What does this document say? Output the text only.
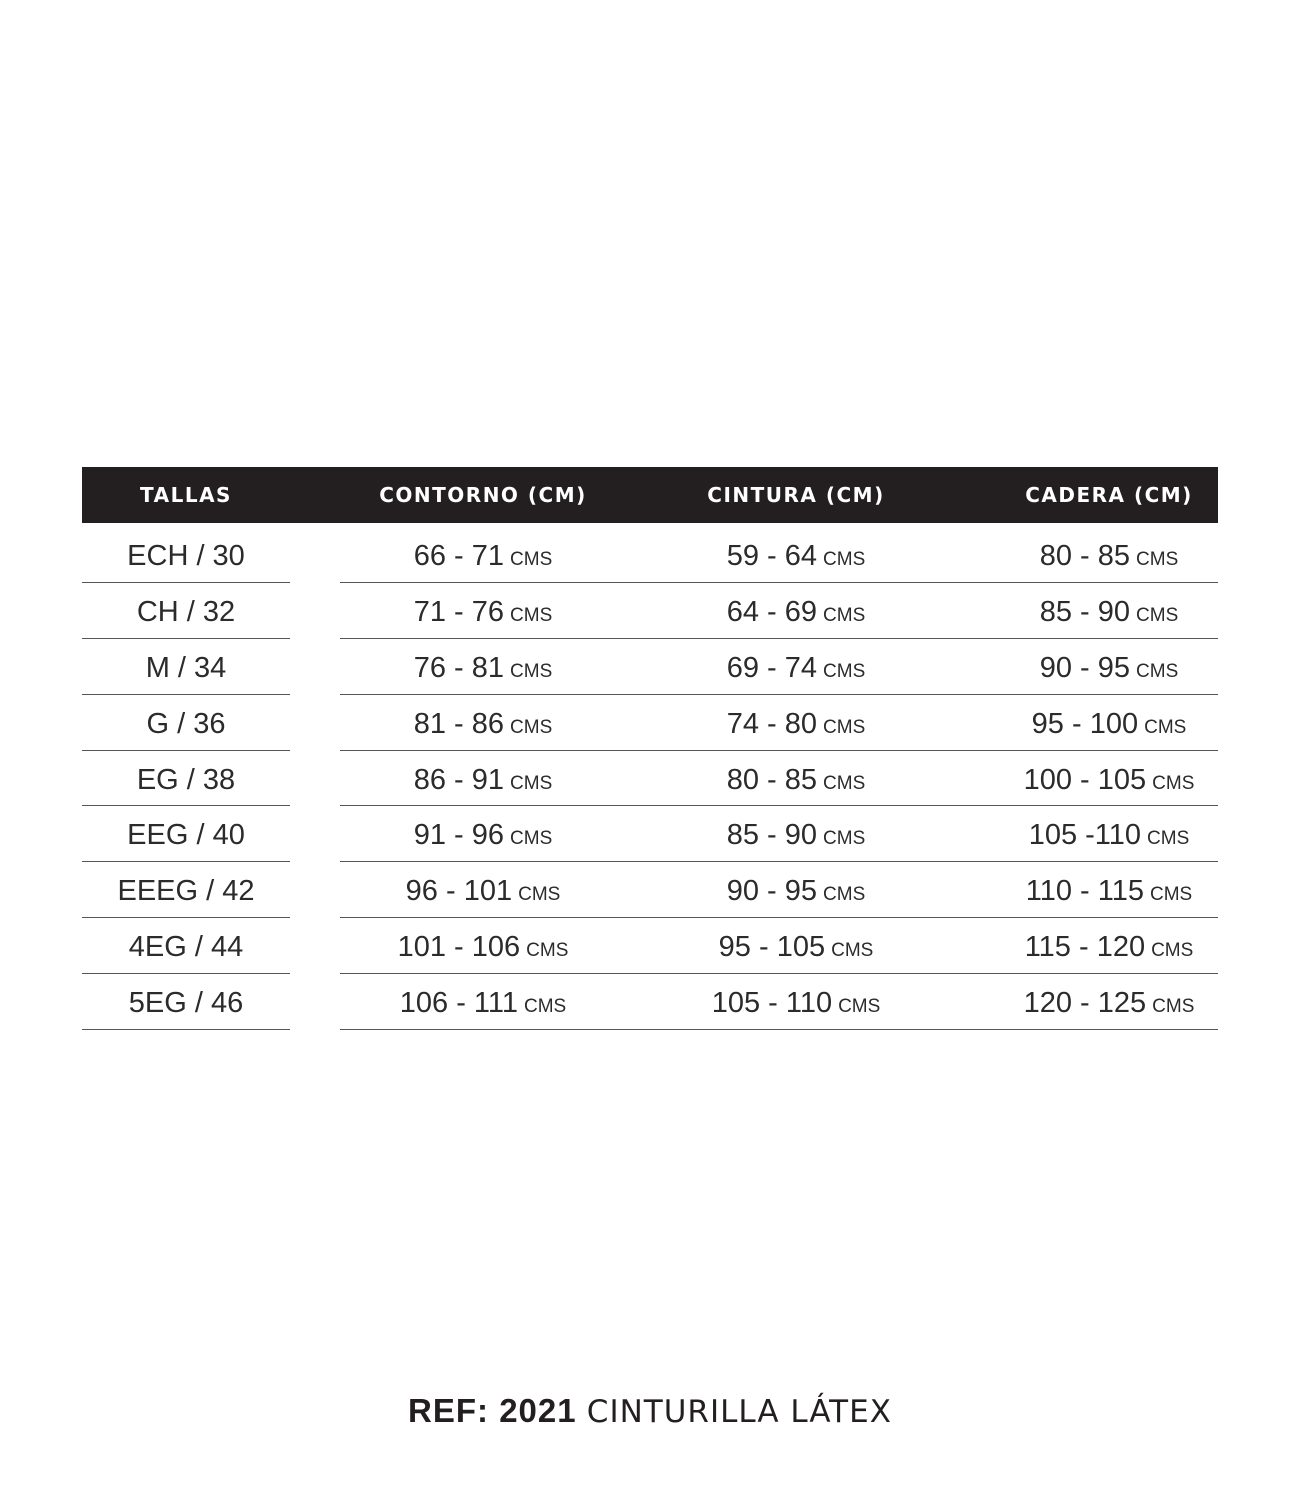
TALLAS	CONTORNO (CM)	CINTURA (CM)	CADERA (CM)
ECH / 30	66 - 71 CMS	59 - 64 CMS	80 - 85 CMS
CH / 32	71 - 76 CMS	64 - 69 CMS	85 - 90 CMS
M / 34	76 - 81 CMS	69 - 74 CMS	90 - 95 CMS
G / 36	81 - 86 CMS	74 - 80 CMS	95 - 100 CMS
EG / 38	86 - 91 CMS	80 - 85 CMS	100 - 105 CMS
EEG / 40	91 - 96 CMS	85 - 90 CMS	105 -110 CMS
EEEG / 42	96 - 101 CMS	90 - 95 CMS	110 - 115 CMS
4EG / 44	101 - 106 CMS	95 - 105 CMS	115 - 120 CMS
5EG / 46	106 - 111 CMS	105 - 110 CMS	120 - 125 CMS
REF: 2021 CINTURILLA LÁTEX
